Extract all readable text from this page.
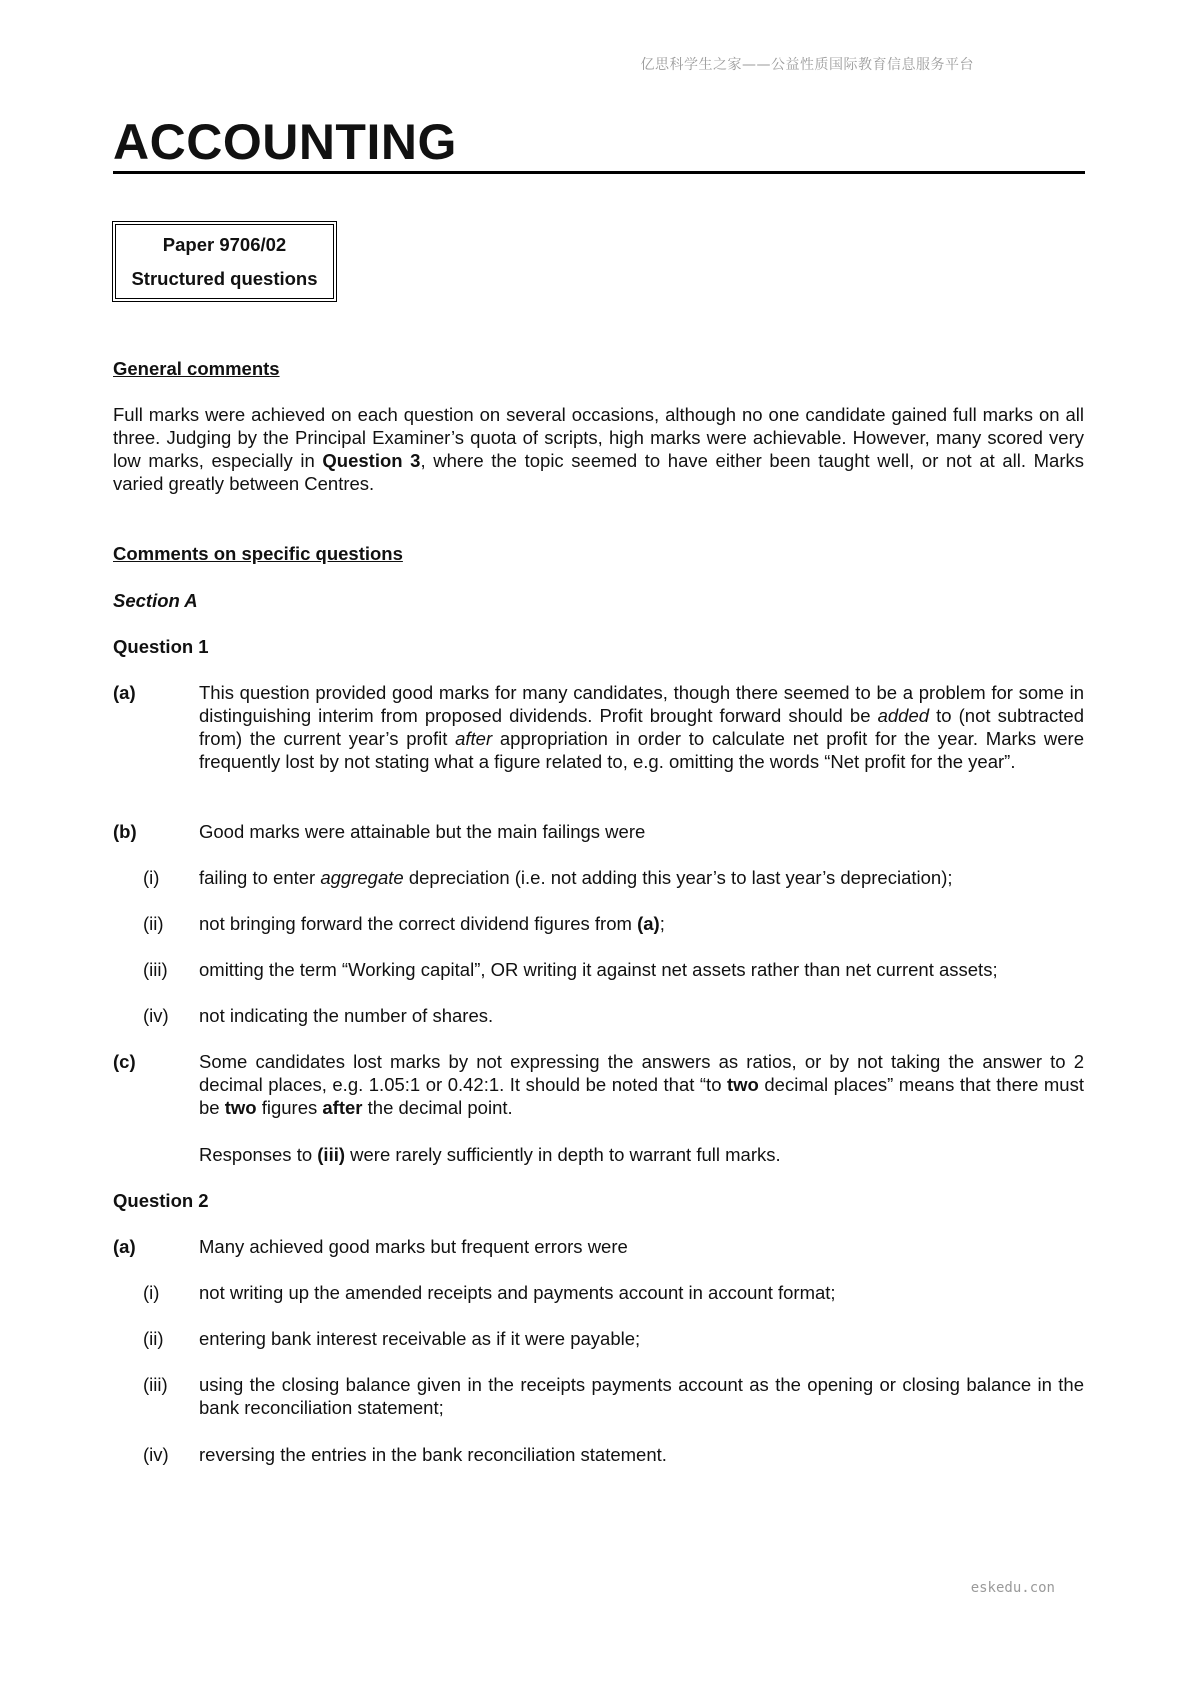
亿思科学生之家——公益性质国际教育信息服务平台
ACCOUNTING
Paper 9706/02
Structured questions
General comments
Full marks were achieved on each question on several occasions, although no one candidate gained full marks on all three. Judging by the Principal Examiner’s quota of scripts, high marks were achievable. However, many scored very low marks, especially in Question 3, where the topic seemed to have either been taught well, or not at all. Marks varied greatly between Centres.
Comments on specific questions
Section A
Question 1
(a)	This question provided good marks for many candidates, though there seemed to be a problem for some in distinguishing interim from proposed dividends. Profit brought forward should be added to (not subtracted from) the current year’s profit after appropriation in order to calculate net profit for the year. Marks were frequently lost by not stating what a figure related to, e.g. omitting the words “Net profit for the year”.
(b)	Good marks were attainable but the main failings were
(i) failing to enter aggregate depreciation (i.e. not adding this year’s to last year’s depreciation);
(ii) not bringing forward the correct dividend figures from (a);
(iii) omitting the term “Working capital”, OR writing it against net assets rather than net current assets;
(iv) not indicating the number of shares.
(c)	Some candidates lost marks by not expressing the answers as ratios, or by not taking the answer to 2 decimal places, e.g. 1.05:1 or 0.42:1. It should be noted that “to two decimal places” means that there must be two figures after the decimal point.
Responses to (iii) were rarely sufficiently in depth to warrant full marks.
Question 2
(a)	Many achieved good marks but frequent errors were
(i) not writing up the amended receipts and payments account in account format;
(ii) entering bank interest receivable as if it were payable;
(iii) using the closing balance given in the receipts payments account as the opening or closing balance in the bank reconciliation statement;
(iv) reversing the entries in the bank reconciliation statement.
eskedu.con
